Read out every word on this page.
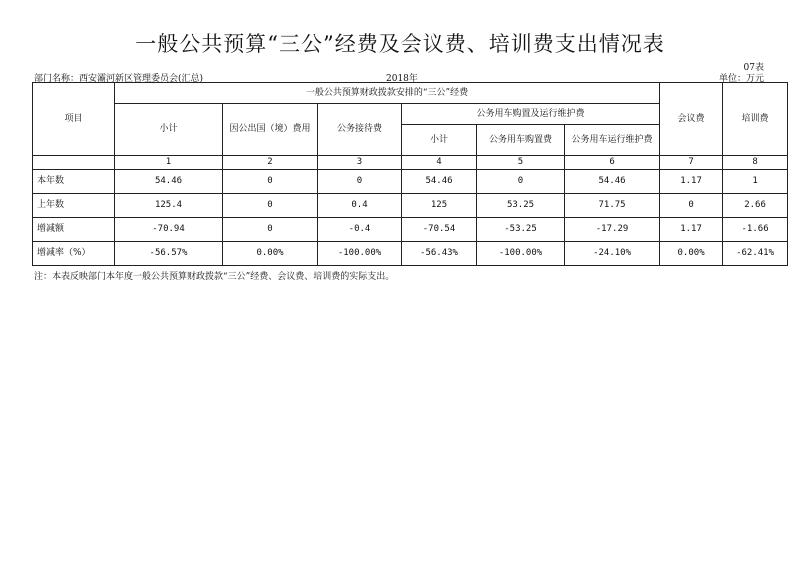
一般公共预算“三公”经费及会议费、培训费支出情况表
07表
部门名称：西安灞河新区管理委员会(汇总)	2018年	单位：万元
项目	一般公共预算财政拨款安排的“三公”经费						会议费	培训费
	小计	因公出国（境）费用	公务接待费	公务用车购置及运行维护费				
				小计	公务用车购置费	公务用车运行维护费		
	1	2	3	4	5	6	7	8
本年数	54.46	0	0	54.46	0	54.46	1.17	1
上年数	125.4	0	0.4	125	53.25	71.75	0	2.66
增减额	-70.94	0	-0.4	-70.54	-53.25	-17.29	1.17	-1.66
增减率（%）	-56.57%	0.00%	-100.00%	-56.43%	-100.00%	-24.10%	0.00%	-62.41%
注：本表反映部门本年度一般公共预算财政拨款“三公”经费、会议费、培训费的实际支出。
